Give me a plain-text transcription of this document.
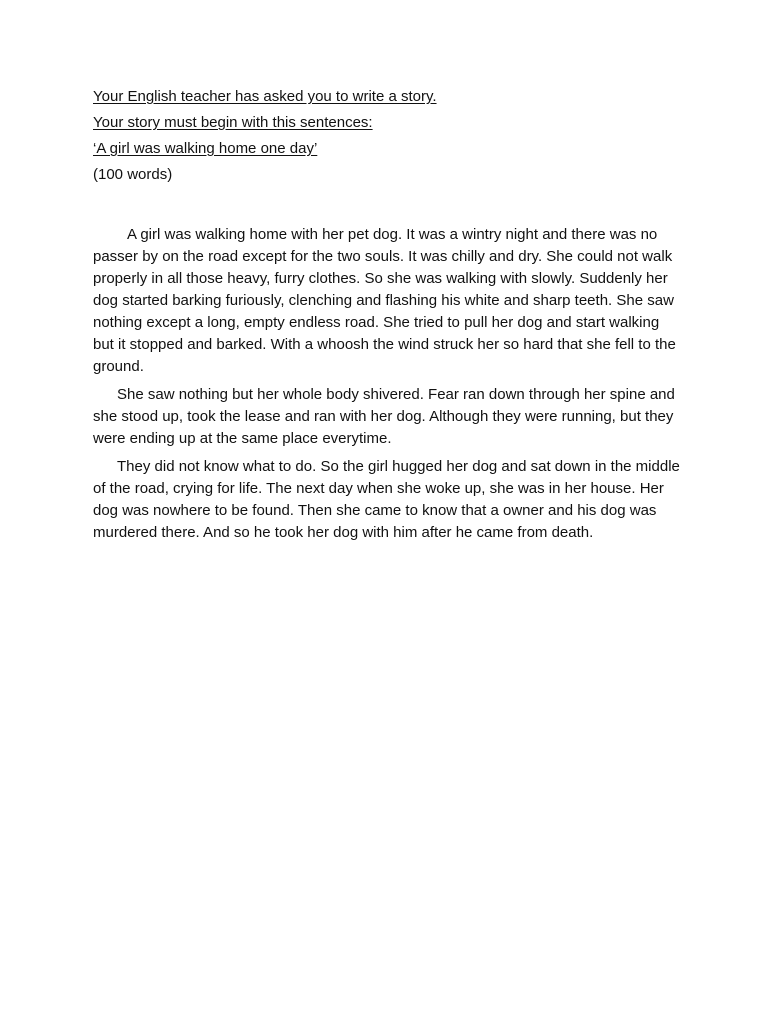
Your English teacher has asked you to write a story.
Your story must begin with this sentences:
‘A girl was walking home one day’
(100 words)

A girl was walking home with her pet dog. It was a wintry night and there was no passer by on the road except for the two souls. It was chilly and dry. She could not walk properly in all those heavy, furry clothes. So she was walking with slowly. Suddenly her dog started barking furiously, clenching and flashing his white and sharp teeth. She saw nothing except a long, empty endless road. She tried to pull her dog and start walking but it stopped and barked. With a whoosh the wind struck her so hard that she fell to the ground.

She saw nothing but her whole body shivered. Fear ran down through her spine and she stood up, took the lease and ran with her dog. Although they were running, but they were ending up at the same place everytime.

They did not know what to do. So the girl hugged her dog and sat down in the middle of the road, crying for life. The next day when she woke up, she was in her house. Her dog was nowhere to be found. Then she came to know that a owner and his dog was murdered there. And so he took her dog with him after he came from death.
